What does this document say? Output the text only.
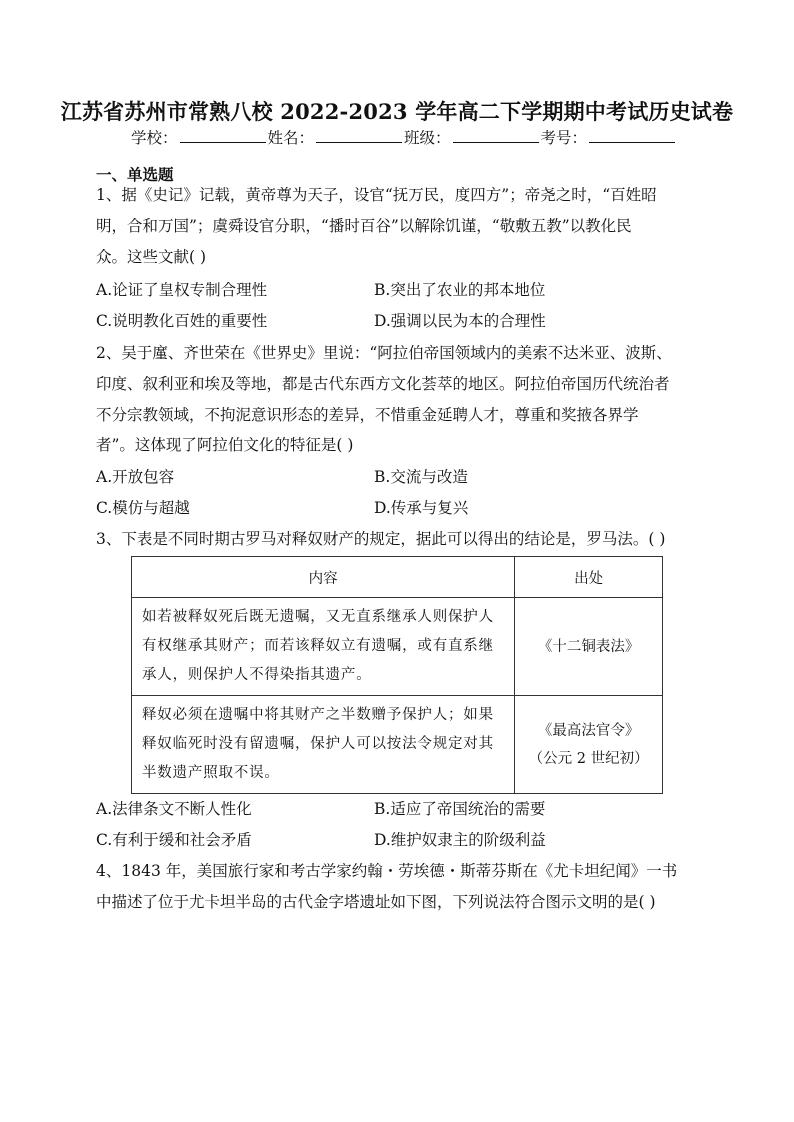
江苏省苏州市常熟八校 2022-2023 学年高二下学期期中考试历史试卷
学校：	姓名：	班级：	考号：
一、单选题
1、据《史记》记载，黄帝尊为天子，设官“抚万民，度四方”；帝尧之时，“百姓昭
明，合和万国”；虞舜设官分职，“播时百谷”以解除饥谨，“敬敷五教”以教化民
众。这些文献( )
A.论证了皇权专制合理性	B.突出了农业的邦本地位
C.说明教化百姓的重要性	D.强调以民为本的合理性
2、吴于廑、齐世荣在《世界史》里说：“阿拉伯帝国领域内的美索不达米亚、波斯、
印度、叙利亚和埃及等地，都是古代东西方文化荟萃的地区。阿拉伯帝国历代统治者
不分宗教领域，不拘泥意识形态的差异，不惜重金延聘人才，尊重和奖掖各界学
者”。这体现了阿拉伯文化的特征是( )
A.开放包容	B.交流与改造
C.模仿与超越	D.传承与复兴
3、下表是不同时期古罗马对释奴财产的规定，据此可以得出的结论是，罗马法。( )
内容	出处

如若被释奴死后既无遗嘱，又无直系继承人则保护人有权继承其财产；而若该释奴立有遗嘱，或有直系继承人，则保护人不得染指其遗产。	《十二铜表法》

释奴必须在遗嘱中将其财产之半数赠予保护人；如果释奴临死时没有留遗嘱，保护人可以按法令规定对其半数遗产照取不误。	《最高法官令》
（公元 2 世纪初）
A.法律条文不断人性化	B.适应了帝国统治的需要
C.有利于缓和社会矛盾	D.维护奴隶主的阶级利益
4、1843 年，美国旅行家和考古学家约翰・劳埃德・斯蒂芬斯在《尤卡坦纪闻》一书
中描述了位于尤卡坦半岛的古代金字塔遗址如下图，下列说法符合图示文明的是( )
